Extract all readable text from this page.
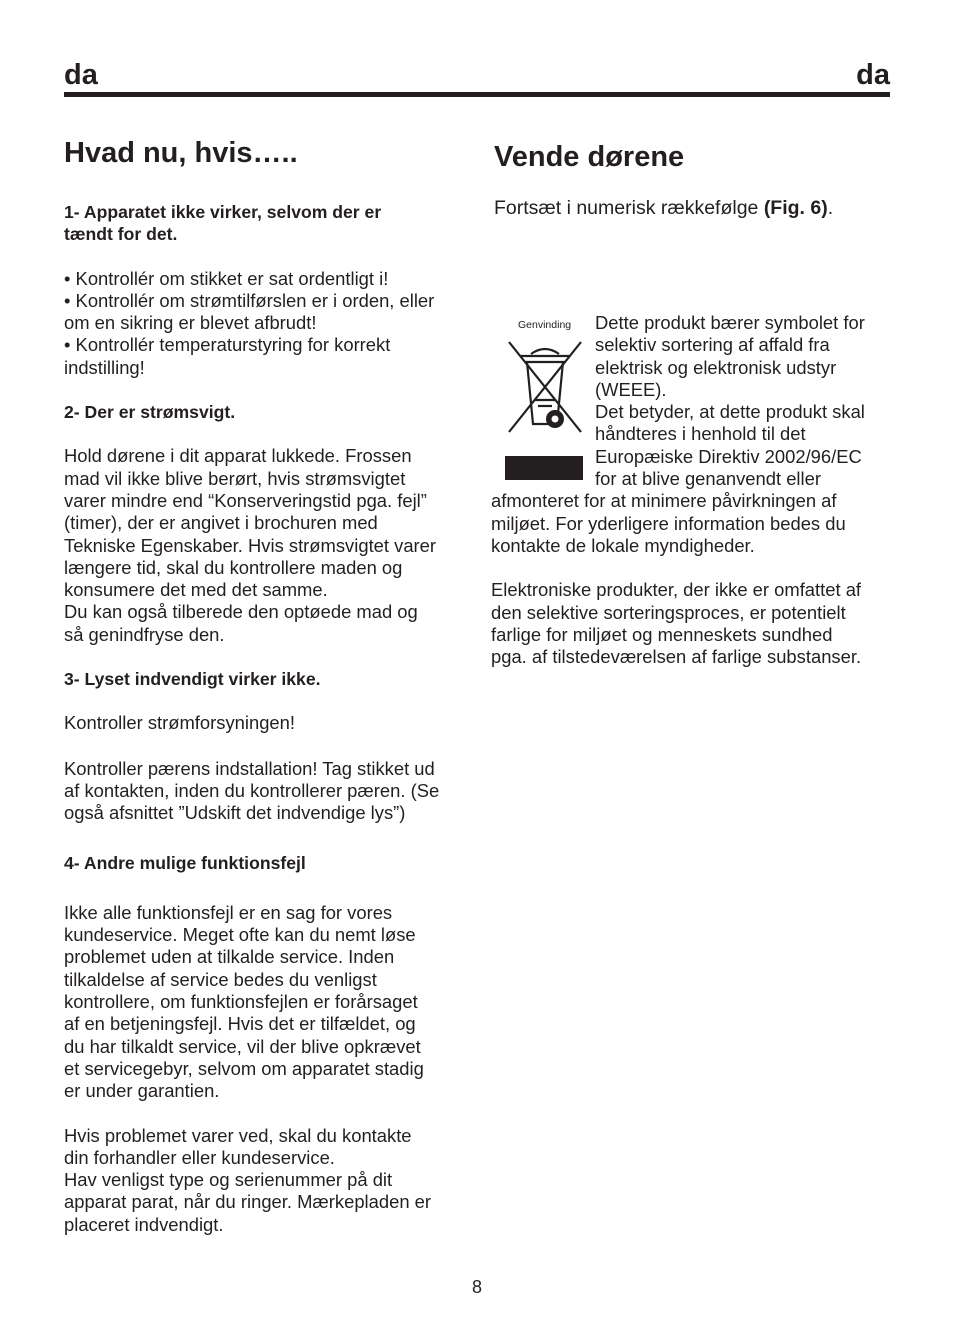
da	da
Hvad nu, hvis…..

1- Apparatet ikke virker, selvom der er

tændt for det.

• Kontrollér om stikket er sat ordentligt i!

• Kontrollér om strømtilførslen er i orden, eller

om en sikring er blevet afbrudt!

• Kontrollér temperaturstyring for korrekt

indstilling!

2- Der er strømsvigt.

Hold dørene i dit apparat lukkede. Frossen

mad vil ikke blive berørt, hvis strømsvigtet

varer mindre end “Konserveringstid pga. fejl”

(timer), der er angivet i brochuren med

Tekniske Egenskaber. Hvis strømsvigtet varer

længere tid, skal du kontrollere maden og

konsumere det med det samme.

Du kan også tilberede den optøede mad og

så genindfryse den.

3- Lyset indvendigt virker ikke.

Kontroller strømforsyningen!

Kontroller pærens indstallation! Tag stikket ud

af kontakten, inden du kontrollerer pæren. (Se

også afsnittet ”Udskift det indvendige lys”)

4- Andre mulige funktionsfejl

Ikke alle funktionsfejl er en sag for vores

kundeservice. Meget ofte kan du nemt løse

problemet uden at tilkalde service. Inden

tilkaldelse af service bedes du venligst

kontrollere, om funktionsfejlen er forårsaget

af en betjeningsfejl. Hvis det er tilfældet, og

du har tilkaldt service, vil der blive opkrævet

et servicegebyr, selvom om apparatet stadig

er under garantien.

Hvis problemet varer ved, skal du kontakte

din forhandler eller kundeservice.

Hav venligst type og serienummer på dit

apparat parat, når du ringer. Mærkepladen er

placeret indvendigt.

Vende dørene

Fortsæt i numerisk rækkefølge (Fig. 6).

Genvinding	Dette produkt bærer symbolet for

selektiv sortering af affald fra

elektrisk og elektronisk udstyr

(WEEE).

Det betyder, at dette produkt skal

håndteres i henhold til det

Europæiske Direktiv 2002/96/EC

for at blive genanvendt eller

afmonteret for at minimere påvirkningen af

miljøet. For yderligere information bedes du

kontakte de lokale myndigheder.

Elektroniske produkter, der ikke er omfattet af

den selektive sorteringsproces, er potentielt

farlige for miljøet og menneskets sundhed

pga. af tilstedeværelsen af farlige substanser.

8
